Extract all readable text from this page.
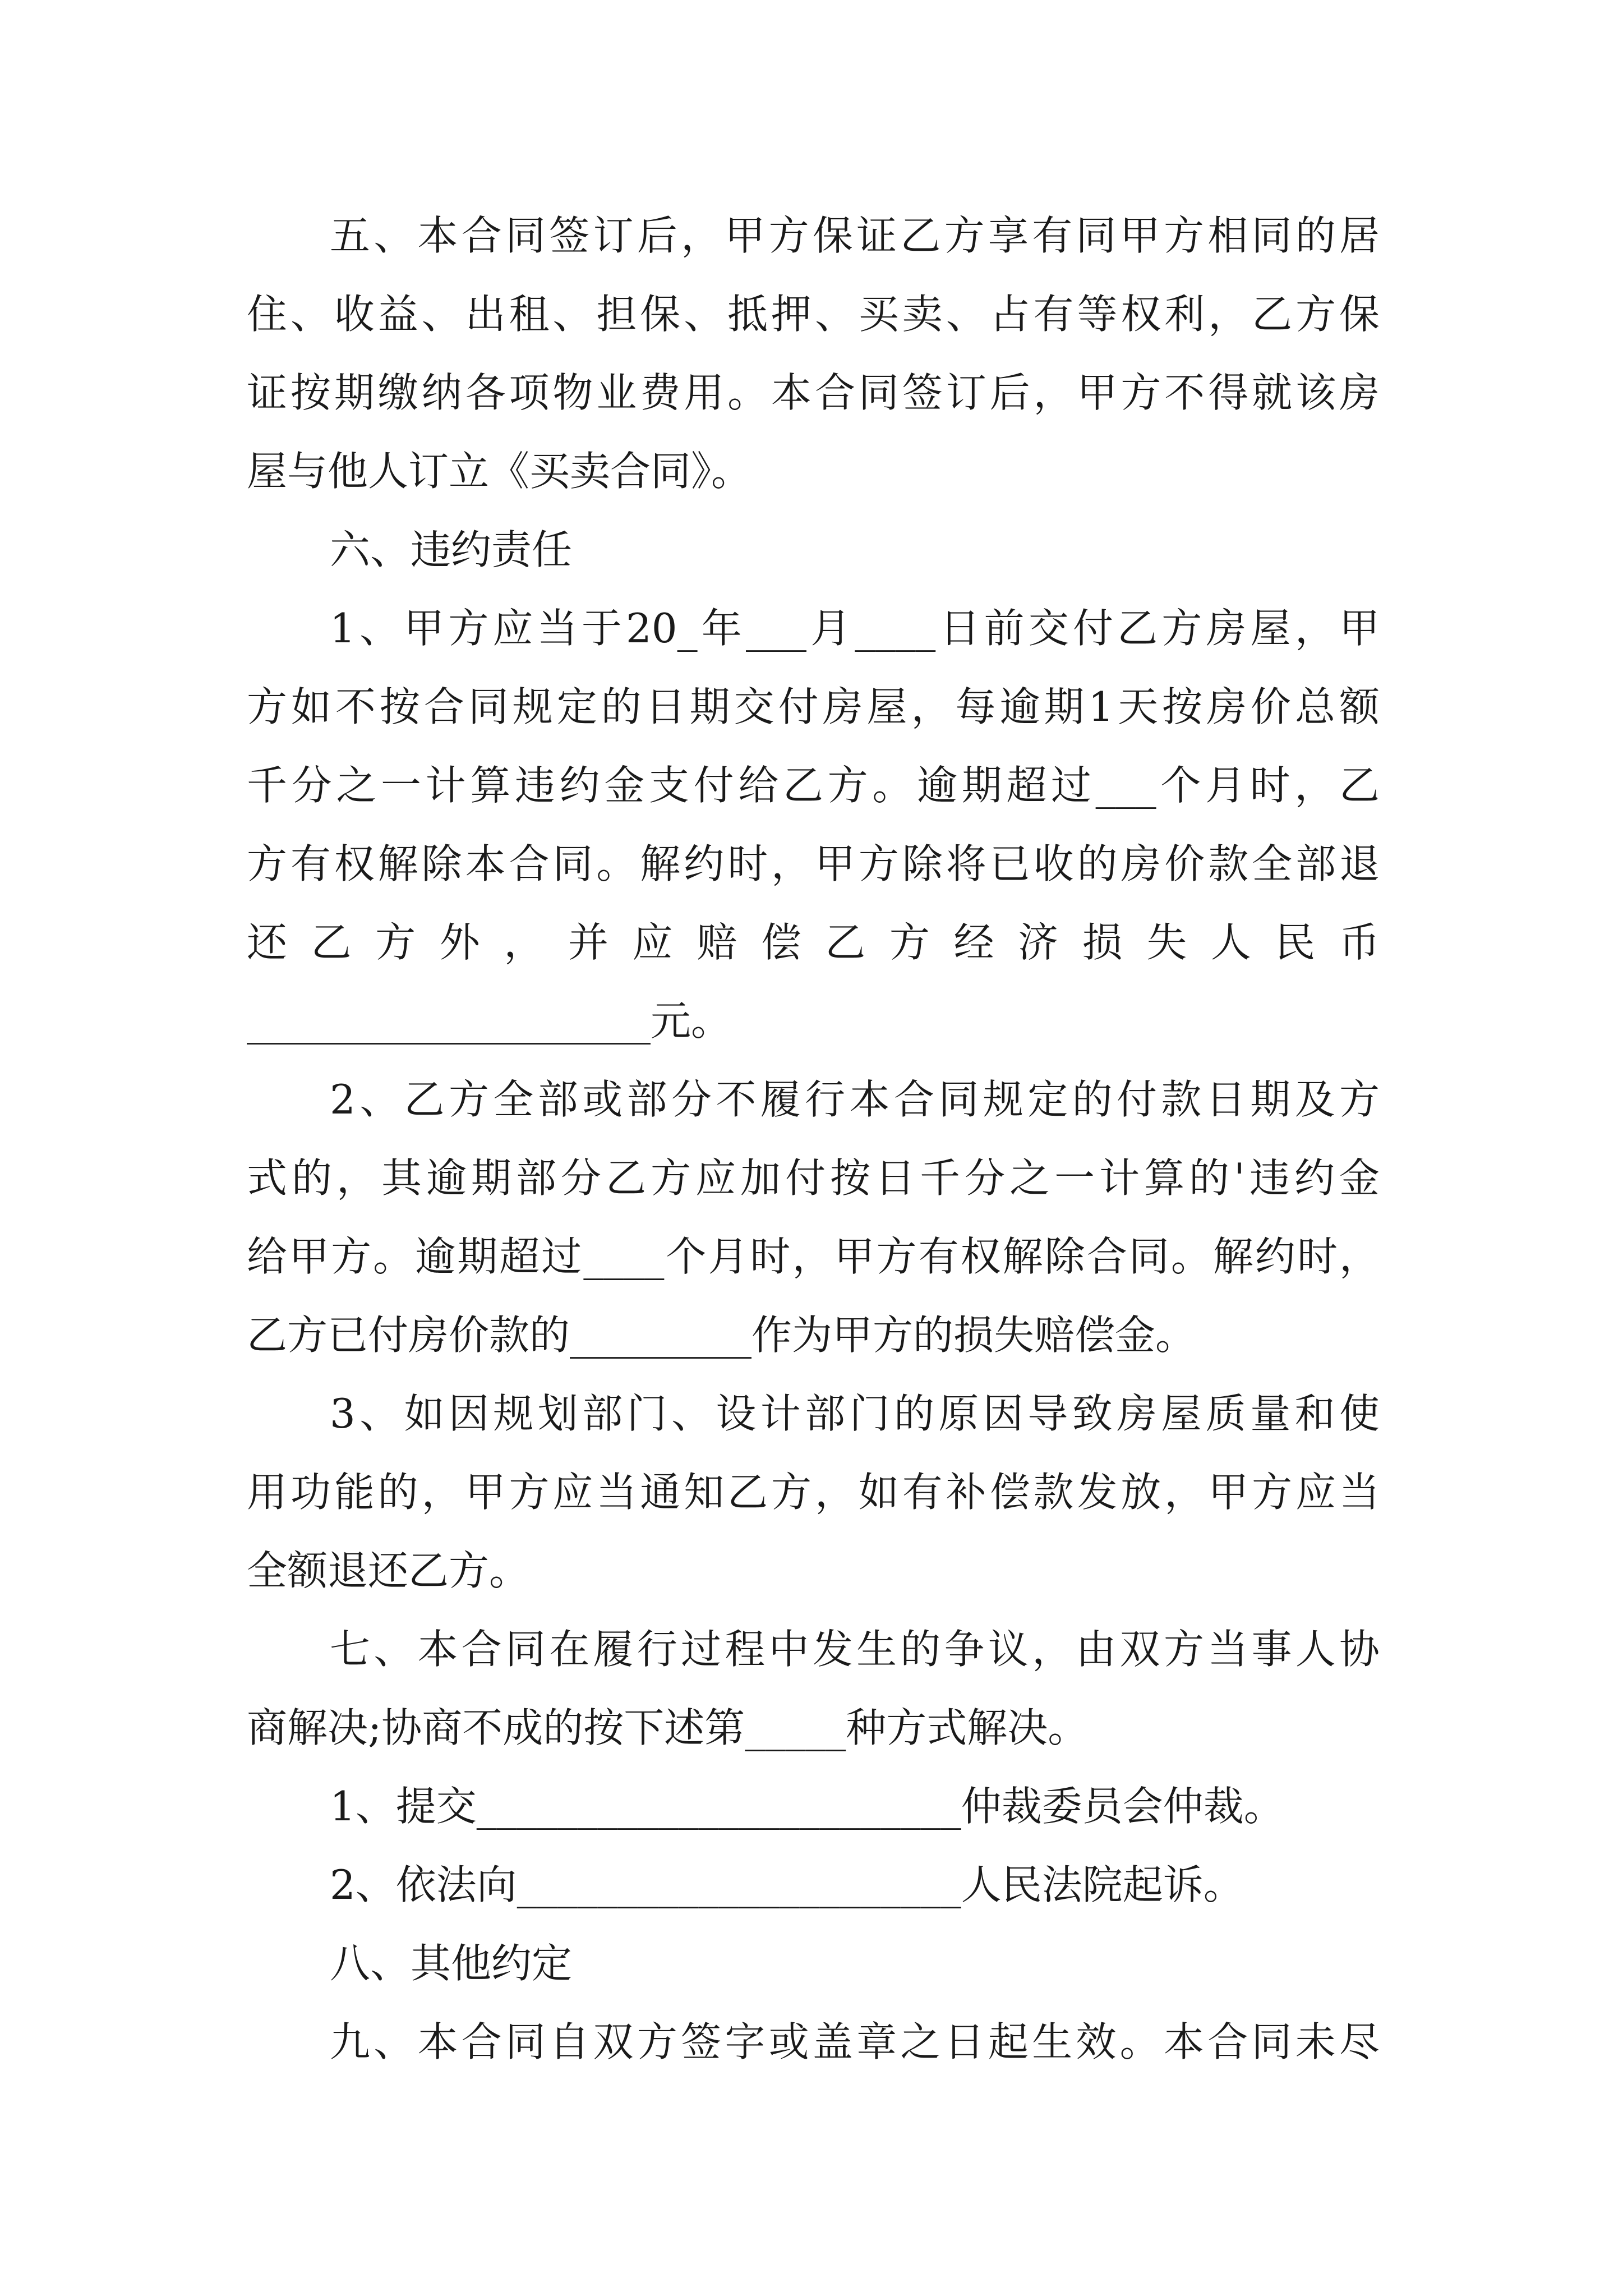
五、本合同签订后，甲方保证乙方享有同甲方相同的居
住、收益、出租、担保、抵押、买卖、占有等权利，乙方保
证按期缴纳各项物业费用。本合同签订后，甲方不得就该房
屋与他人订立《买卖合同》。
六、违约责任
1、甲方应当于20_年___月____日前交付乙方房屋，甲
方如不按合同规定的日期交付房屋，每逾期1天按房价总额
千分之一计算违约金支付给乙方。逾期超过___个月时，乙
方有权解除本合同。解约时，甲方除将已收的房价款全部退
还乙方外，并应赔偿乙方经济损失人民币
____________________元。
2、乙方全部或部分不履行本合同规定的付款日期及方
式的，其逾期部分乙方应加付按日千分之一计算的'违约金
给甲方。逾期超过____个月时，甲方有权解除合同。解约时，
乙方已付房价款的_________作为甲方的损失赔偿金。
3、如因规划部门、设计部门的原因导致房屋质量和使
用功能的，甲方应当通知乙方，如有补偿款发放，甲方应当
全额退还乙方。
七、本合同在履行过程中发生的争议，由双方当事人协
商解决;协商不成的按下述第_____种方式解决。
1、提交________________________仲裁委员会仲裁。
2、依法向______________________人民法院起诉。
八、其他约定
九、本合同自双方签字或盖章之日起生效。本合同未尽
